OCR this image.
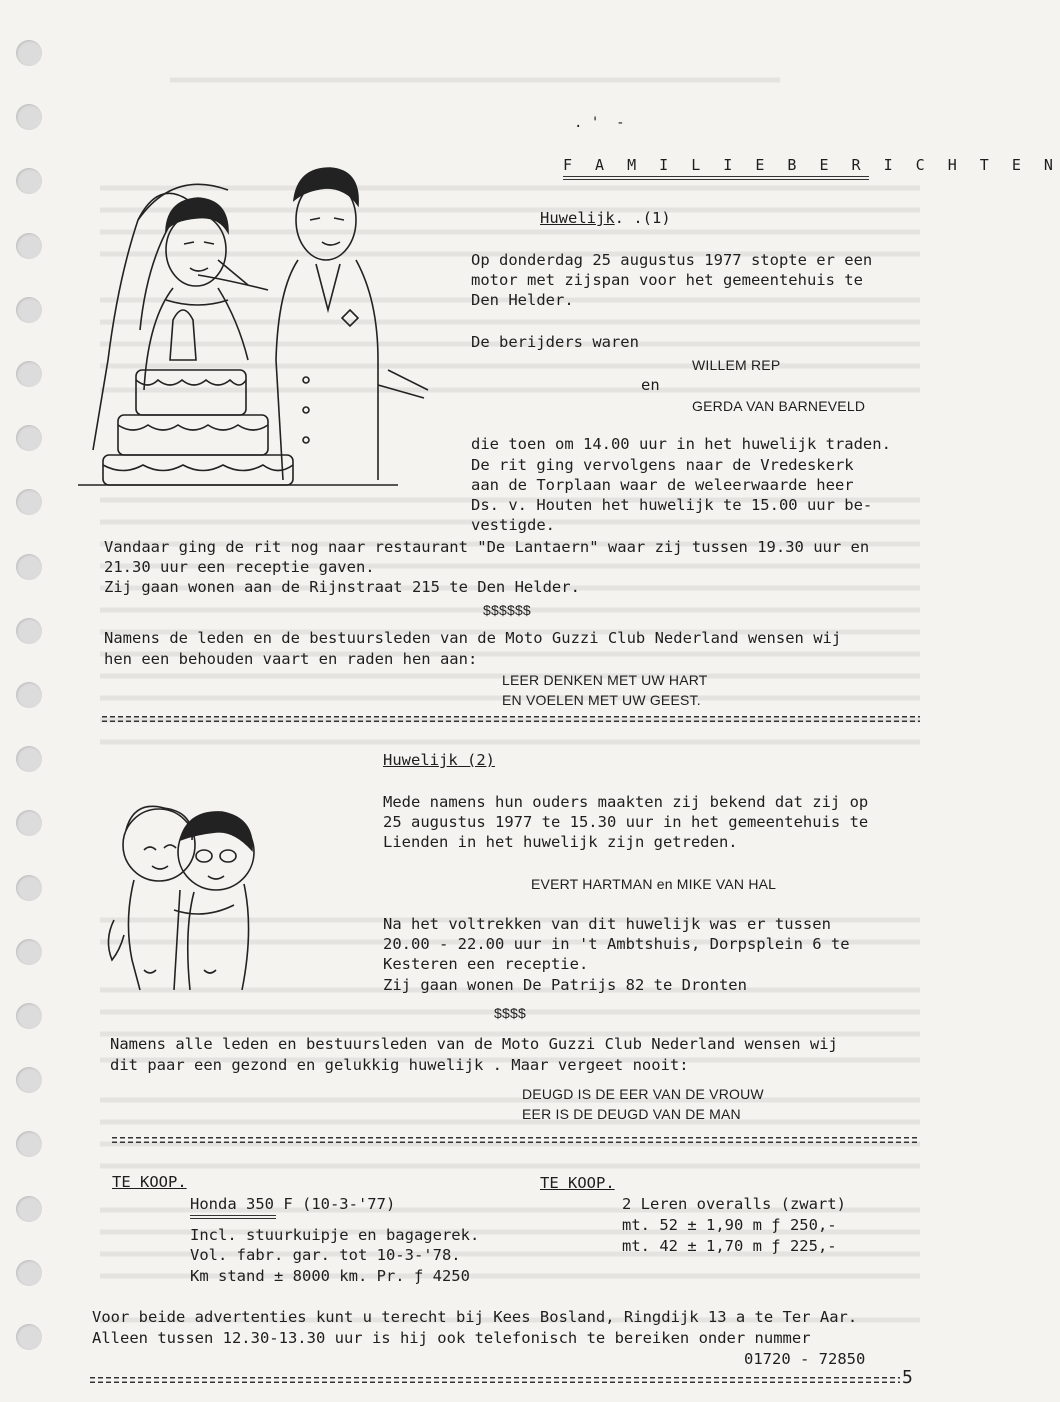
. '  -
F A M I L I E B E R I C H T E N
Huwelijk. .(1)
Op donderdag 25 augustus 1977 stopte er een
motor met zijspan voor het gemeentehuis te
Den Helder.
De berijders waren
WILLEM REP
en
GERDA VAN BARNEVELD
die toen om 14.00 uur in het huwelijk traden.
De rit ging vervolgens naar de Vredeskerk
aan de Torplaan waar de weleerwaarde heer
Ds. v. Houten het huwelijk te 15.00 uur be-
vestigde.
Vandaar ging de rit nog naar restaurant "De Lantaern" waar zij tussen 19.30 uur en
21.30 uur een receptie gaven.
Zij gaan wonen aan de Rijnstraat 215 te Den Helder.
$$$$$$
Namens de leden en de bestuursleden van de Moto Guzzi Club Nederland wensen wij
hen een behouden vaart en raden hen aan:
LEER DENKEN MET UW HART
EN VOELEN MET UW GEEST.
Huwelijk (2)
Mede namens hun ouders maakten zij bekend dat zij op
25 augustus 1977 te 15.30 uur in het gemeentehuis te
Lienden in het huwelijk zijn getreden.
EVERT HARTMAN en MIKE VAN HAL
Na het voltrekken van dit huwelijk was er tussen
20.00 - 22.00 uur in 't Ambtshuis, Dorpsplein 6 te
Kesteren een receptie.
Zij gaan wonen De Patrijs 82 te Dronten
$$$$
Namens alle leden en bestuursleden van de Moto Guzzi Club Nederland wensen wij
dit paar een gezond en gelukkig huwelijk . Maar vergeet nooit:
DEUGD IS DE EER VAN DE VROUW
EER IS DE DEUGD VAN DE MAN
TE KOOP.
Honda 350 F (10-3-'77)
Incl. stuurkuipje en bagagerek.
Vol. fabr. gar. tot 10-3-'78.
Km stand ± 8000 km. Pr. ƒ 4250
TE KOOP.
2 Leren overalls (zwart)
mt. 52 ± 1,90 m ƒ 250,-
mt. 42 ± 1,70 m ƒ 225,-
Voor beide advertenties kunt u terecht bij Kees Bosland, Ringdijk 13 a te Ter Aar.
Alleen tussen 12.30-13.30 uur is hij ook telefonisch te bereiken onder nummer
01720 - 72850
5
